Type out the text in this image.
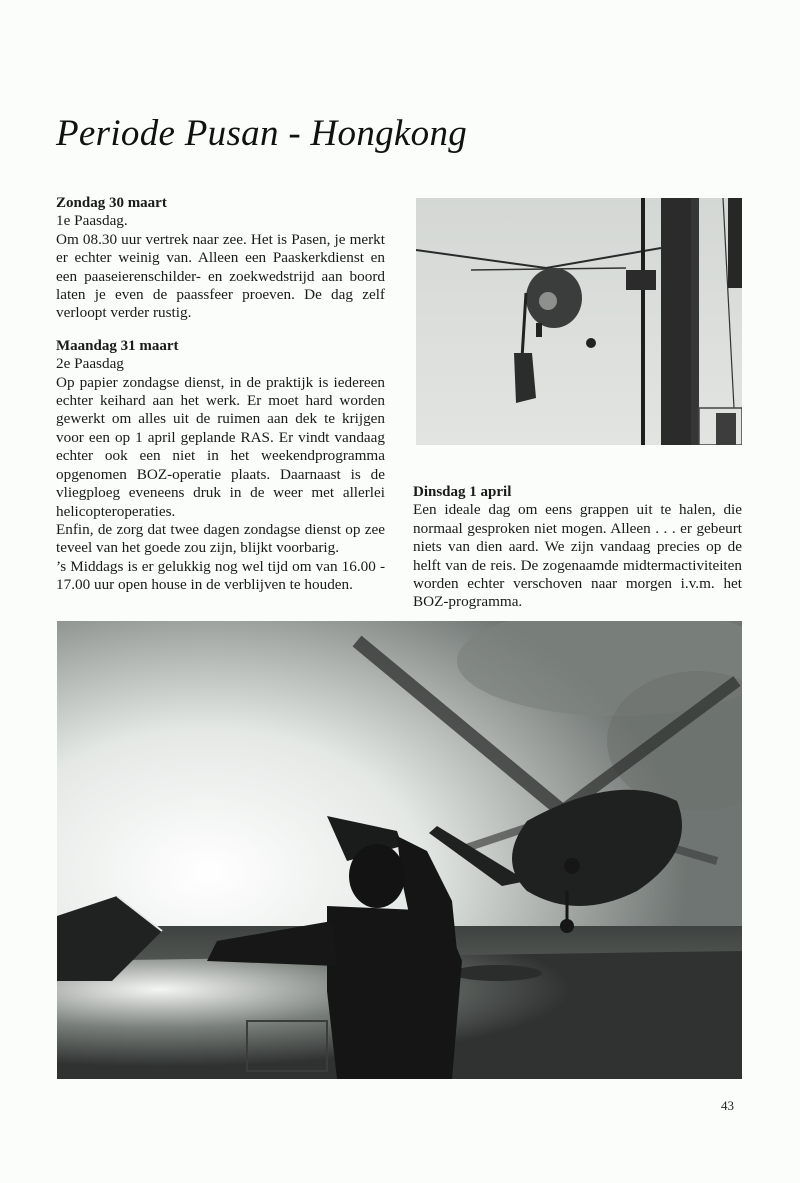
Periode Pusan - Hongkong
Zondag 30 maart

1e Paasdag.

Om 08.30 uur vertrek naar zee. Het is Pasen, je merkt er echter weinig van. Alleen een Paaskerkdienst en een paaseierenschilder- en zoekwedstrijd aan boord laten je even de paassfeer proeven. De dag zelf verloopt verder rustig.

Maandag 31 maart

2e Paasdag

Op papier zondagse dienst, in de praktijk is iedereen echter keihard aan het werk. Er moet hard worden gewerkt om alles uit de ruimen aan dek te krijgen voor een op 1 april geplande RAS. Er vindt vandaag echter ook een niet in het weekendprogramma opgenomen BOZ-operatie plaats. Daarnaast is de vliegploeg eveneens druk in de weer met allerlei helicopteroperaties.

Enfin, de zorg dat twee dagen zondagse dienst op zee teveel van het goede zou zijn, blijkt voorbarig.

’s Middags is er gelukkig nog wel tijd om van 16.00 - 17.00 uur open house in de verblijven te houden.

Dinsdag 1 april

Een ideale dag om eens grappen uit te halen, die normaal gesproken niet mogen. Alleen . . . er gebeurt niets van dien aard. We zijn vandaag precies op de helft van de reis. De zogenaamde midtermactiviteiten worden echter verschoven naar morgen i.v.m. het BOZ-programma.

43
